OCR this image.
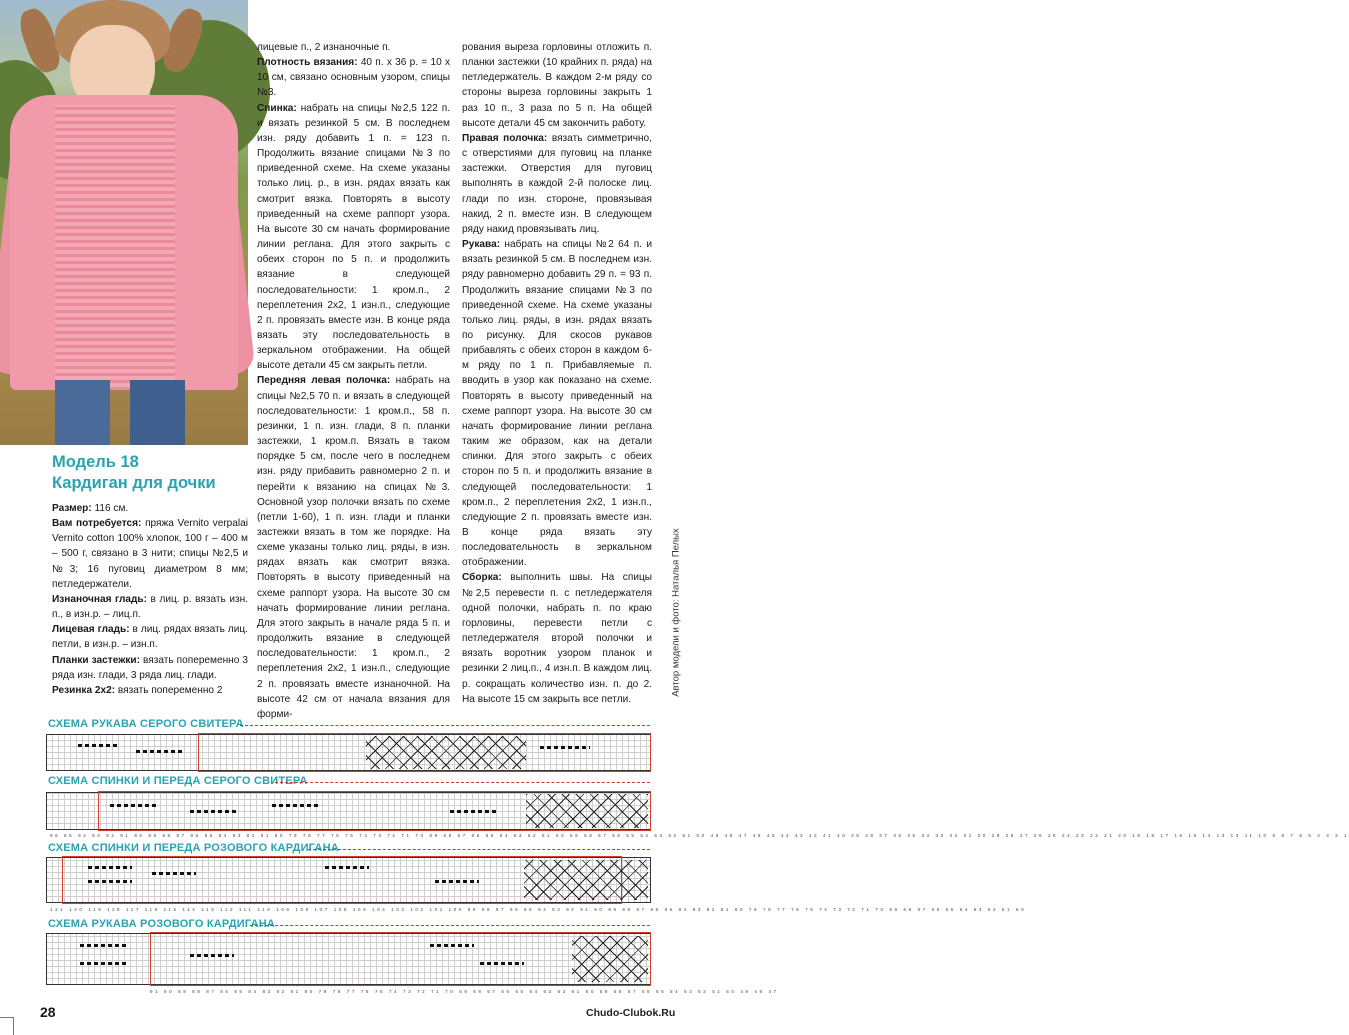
Модель 18
Кардиган для дочки

Размер: 116 см.

Вам потребуется: пряжа Vernito verpalai Vernito cotton 100% хлопок, 100 г – 400 м – 500 г, связано в 3 нити; спицы №2,5 и №3; 16 пуговиц диаметром 8 мм; петледержатели.

Изнаночная гладь: в лиц. р. вязать изн. п., в изн.р. – лиц.п.

Лицевая гладь: в лиц. рядах вязать лиц. петли, в изн.р. – изн.п.

Планки застежки: вязать попеременно 3 ряда изн. глади, 3 ряда лиц. глади.

Резинка 2x2: вязать попеременно 2

лицевые п., 2 изнаночные п.

Плотность вязания: 40 п. х 36 р. = 10 х 10 см, связано основным узором, спицы №3.

Спинка: набрать на спицы №2,5 122 п. и вязать резинкой 5 см. В последнем изн. ряду добавить 1 п. = 123 п. Продолжить вязание спицами №3 по приведенной схеме. На схеме указаны только лиц. р., в изн. рядах вязать как смотрит вязка. Повторять в высоту приведенный на схеме раппорт узора. На высоте 30 см начать формирование линии реглана. Для этого закрыть с обеих сторон по 5 п. и продолжить вязание в следующей последовательности: 1 кром.п., 2 переплетения 2х2, 1 изн.п., следующие 2 п. провязать вместе изн. В конце ряда вязать эту последовательность в зеркальном отображении. На общей высоте детали 45 см закрыть петли.

Передняя левая полочка: набрать на спицы №2,5 70 п. и вязать в следующей последовательности: 1 кром.п., 58 п. резинки, 1 п. изн. глади, 8 п. планки застежки, 1 кром.п. Вязать в таком порядке 5 см, после чего в последнем изн. ряду прибавить равномерно 2 п. и перейти к вязанию на спицах №3. Основной узор полочки вязать по схеме (петли 1-60), 1 п. изн. глади и планки застежки вязать в том же порядке. На схеме указаны только лиц. ряды, в изн. рядах вязать как смотрит вязка. Повторять в высоту приведенный на схеме раппорт узора. На высоте 30 см начать формирование линии реглана. Для этого закрыть в начале ряда 5 п. и продолжить вязание в следующей последовательности: 1 кром.п., 2 переплетения 2х2, 1 изн.п., следующие 2 п. провязать вместе изнаночной. На высоте 42 см от начала вязания для форми-

рования выреза горловины отложить п. планки застежки (10 крайних п. ряда) на петледержатель. В каждом 2-м ряду со стороны выреза горловины закрыть 1 раз 10 п., 3 раза по 5 п. На общей высоте детали 45 см закончить работу.

Правая полочка: вязать симметрично, с отверстиями для пуговиц на планке застежки. Отверстия для пуговиц выполнять в каждой 2-й полоске лиц. глади по изн. стороне, провязывая накид, 2 п. вместе изн. В следующем ряду накид провязывать лиц.

Рукава: набрать на спицы №2 64 п. и вязать резинкой 5 см. В последнем изн. ряду равномерно добавить 29 п. = 93 п. Продолжить вязание спицами №3 по приведенной схеме. На схеме указаны только лиц. ряды, в изн. рядах вязать по рисунку. Для скосов рукавов прибавлять с обеих сторон в каждом 6-м ряду по 1 п. Прибавляемые п. вводить в узор как показано на схеме. Повторять в высоту приведенный на схеме раппорт узора. На высоте 30 см начать формирование линии реглана таким же образом, как на детали спинки. Для этого закрыть с обеих сторон по 5 п. и продолжить вязание в следующей последовательности: 1 кром.п., 2 переплетения 2х2, 1 изн.п., следующие 2 п. провязать вместе изн. В конце ряда вязать эту последовательность в зеркальном отображении.

Сборка: выполнить швы. На спицы №2,5 перевести п. с петледержателя одной полочки, набрать п. по краю горловины, перевести петли с петледержателя второй полочки и вязать воротник узором планок и резинки 2 лиц.п., 4 изн.п. В каждом лиц. р. сокращать количество изн. п. до 2. На высоте 15 см закрыть все петли.

Автор модели и фото: Наталья Пелых
СХЕМА РУКАВА СЕРОГО СВИТЕРА
СХЕМА СПИНКИ И ПЕРЕДА СЕРОГО СВИТЕРА
96 95 94 93 92 91 90 89 88 87 86 85 84 83 82 81 80 79 78 77 76 75 74 73 72 71 70 69 68 67 66 65 64 63 62 61 60 59 58 57 56 55 54 53 52 51 50 49 48 47 46 45 44 43 42 41 40 39 38 37 36 35 34 33 32 31 30 29 28 27 26 25 24 23 22 21 20 19 18 17 16 15 14 13 12 11 10 9 8 7 6 5 4 3 2 1
СХЕМА СПИНКИ И ПЕРЕДА РОЗОВОГО КАРДИГАНА
121 120 119 118 117 116 115 114 113 112 111 110 109 108 107 106 105 104 103 102 101 100 99 98 97 96 95 94 93 92 91 90 89 88 87 86 85 84 83 82 81 80 79 78 77 76 75 74 73 72 71 70 69 68 67 66 65 64 63 62 61 60
СХЕМА РУКАВА РОЗОВОГО КАРДИГАНА
91 90 89 88 87 86 85 84 83 82 81 80 79 78 77 76 75 74 73 72 71 70 69 68 67 66 65 64 63 62 61 60 59 58 57 56 55 54 53 52 51 50 49 48 47
28	Chudo-Clubok.Ru
